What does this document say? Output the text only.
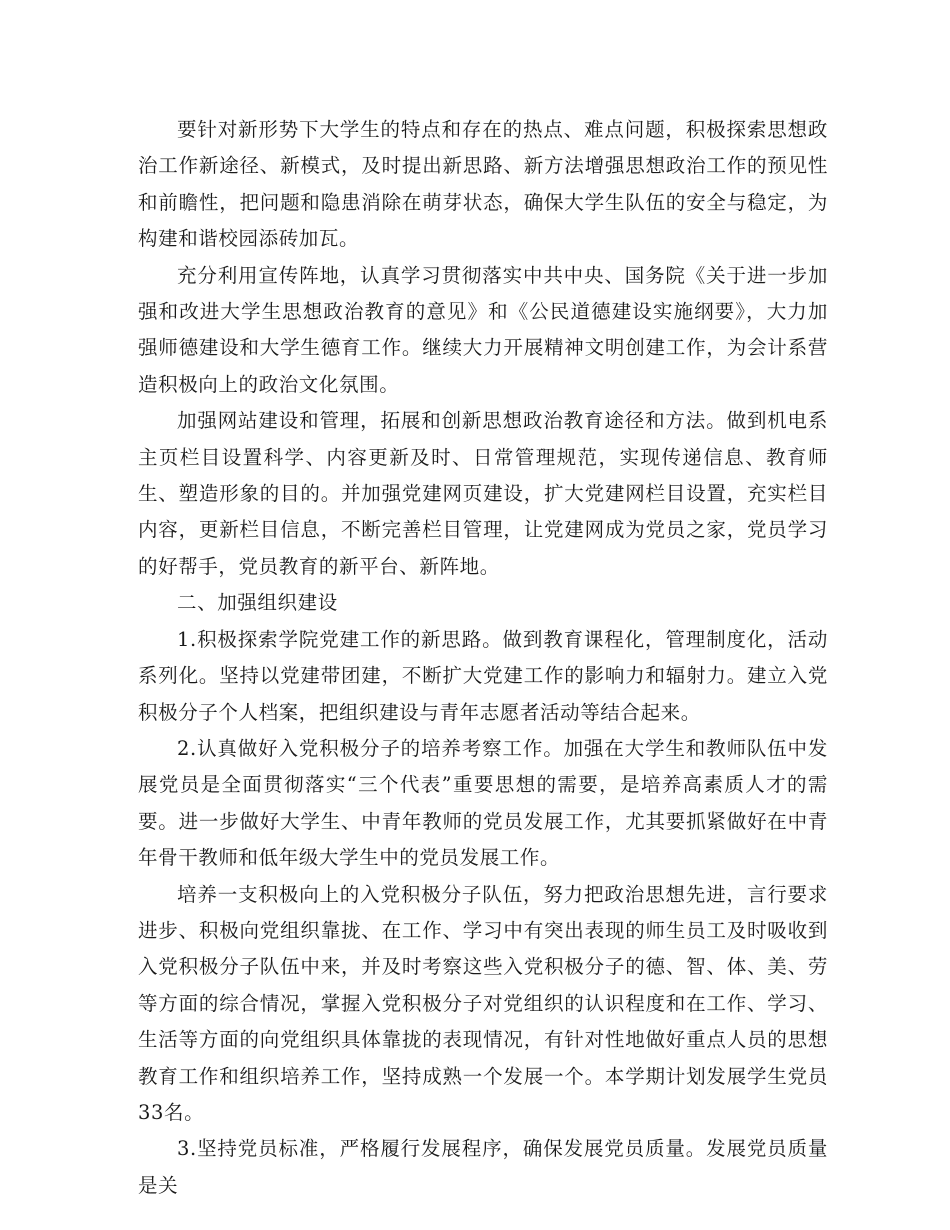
要针对新形势下大学生的特点和存在的热点、难点问题，积极探索思想政治工作新途径、新模式，及时提出新思路、新方法增强思想政治工作的预见性和前瞻性，把问题和隐患消除在萌芽状态，确保大学生队伍的安全与稳定，为构建和谐校园添砖加瓦。

充分利用宣传阵地，认真学习贯彻落实中共中央、国务院《关于进一步加强和改进大学生思想政治教育的意见》和《公民道德建设实施纲要》，大力加强师德建设和大学生德育工作。继续大力开展精神文明创建工作，为会计系营造积极向上的政治文化氛围。

加强网站建设和管理，拓展和创新思想政治教育途径和方法。做到机电系主页栏目设置科学、内容更新及时、日常管理规范，实现传递信息、教育师生、塑造形象的目的。并加强党建网页建设，扩大党建网栏目设置，充实栏目内容，更新栏目信息，不断完善栏目管理，让党建网成为党员之家，党员学习的好帮手，党员教育的新平台、新阵地。

二、加强组织建设

1.积极探索学院党建工作的新思路。做到教育课程化，管理制度化，活动系列化。坚持以党建带团建，不断扩大党建工作的影响力和辐射力。建立入党积极分子个人档案，把组织建设与青年志愿者活动等结合起来。

2.认真做好入党积极分子的培养考察工作。加强在大学生和教师队伍中发展党员是全面贯彻落实“三个代表”重要思想的需要，是培养高素质人才的需要。进一步做好大学生、中青年教师的党员发展工作，尤其要抓紧做好在中青年骨干教师和低年级大学生中的党员发展工作。

培养一支积极向上的入党积极分子队伍，努力把政治思想先进，言行要求进步、积极向党组织靠拢、在工作、学习中有突出表现的师生员工及时吸收到入党积极分子队伍中来，并及时考察这些入党积极分子的德、智、体、美、劳等方面的综合情况，掌握入党积极分子对党组织的认识程度和在工作、学习、生活等方面的向党组织具体靠拢的表现情况，有针对性地做好重点人员的思想教育工作和组织培养工作，坚持成熟一个发展一个。本学期计划发展学生党员33名。

3.坚持党员标准，严格履行发展程序，确保发展党员质量。发展党员质量是关
